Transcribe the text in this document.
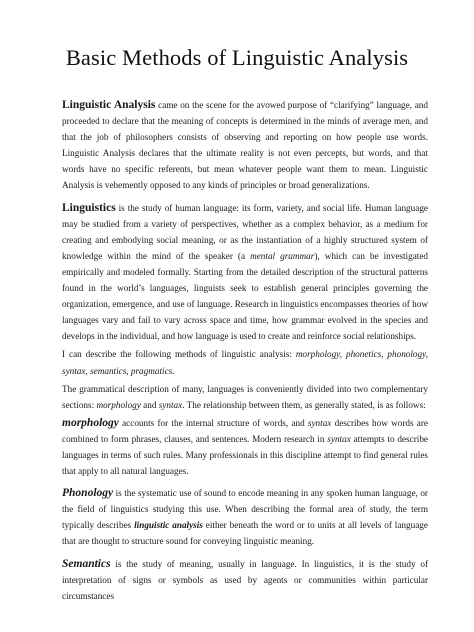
Basic Methods of Linguistic Analysis

Linguistic Analysis came on the scene for the avowed purpose of “clarifying” language, and proceeded to declare that the meaning of concepts is determined in the minds of average men, and that the job of philosophers consists of observing and reporting on how people use words. Linguistic Analysis declares that the ultimate reality is not even percepts, but words, and that words have no specific referents, but mean whatever people want them to mean. Linguistic Analysis is vehemently opposed to any kinds of principles or broad generalizations.

Linguistics is the study of human language: its form, variety, and social life. Human language may be studied from a variety of perspectives, whether as a complex behavior, as a medium for creating and embodying social meaning, or as the instantiation of a highly structured system of knowledge within the mind of the speaker (a mental grammar), which can be investigated empirically and modeled formally. Starting from the detailed description of the structural patterns found in the world’s languages, linguists seek to establish general principles governing the organization, emergence, and use of language. Research in linguistics encompasses theories of how languages vary and fail to vary across space and time, how grammar evolved in the species and develops in the individual, and how language is used to create and reinforce social relationships.

I can describe the following methods of linguistic analysis: morphology, phonetics, phonology, syntax, semantics, pragmatics.

The grammatical description of many, languages is conveniently divided into two complementary sections: morphology and syntax. The relationship between them, as generally stated, is as follows:

morphology accounts for the internal structure of words, and syntax describes how words are combined to form phrases, clauses, and sentences. Modern research in syntax attempts to describe languages in terms of such rules. Many professionals in this discipline attempt to find general rules that apply to all natural languages.

Phonology is the systematic use of sound to encode meaning in any spoken human language, or the field of linguistics studying this use. When describing the formal area of study, the term typically describes linguistic analysis either beneath the word or to units at all levels of language that are thought to structure sound for conveying linguistic meaning.

Semantics is the study of meaning, usually in language. In linguistics, it is the study of interpretation of signs or symbols as used by agents or communities within particular circumstances
